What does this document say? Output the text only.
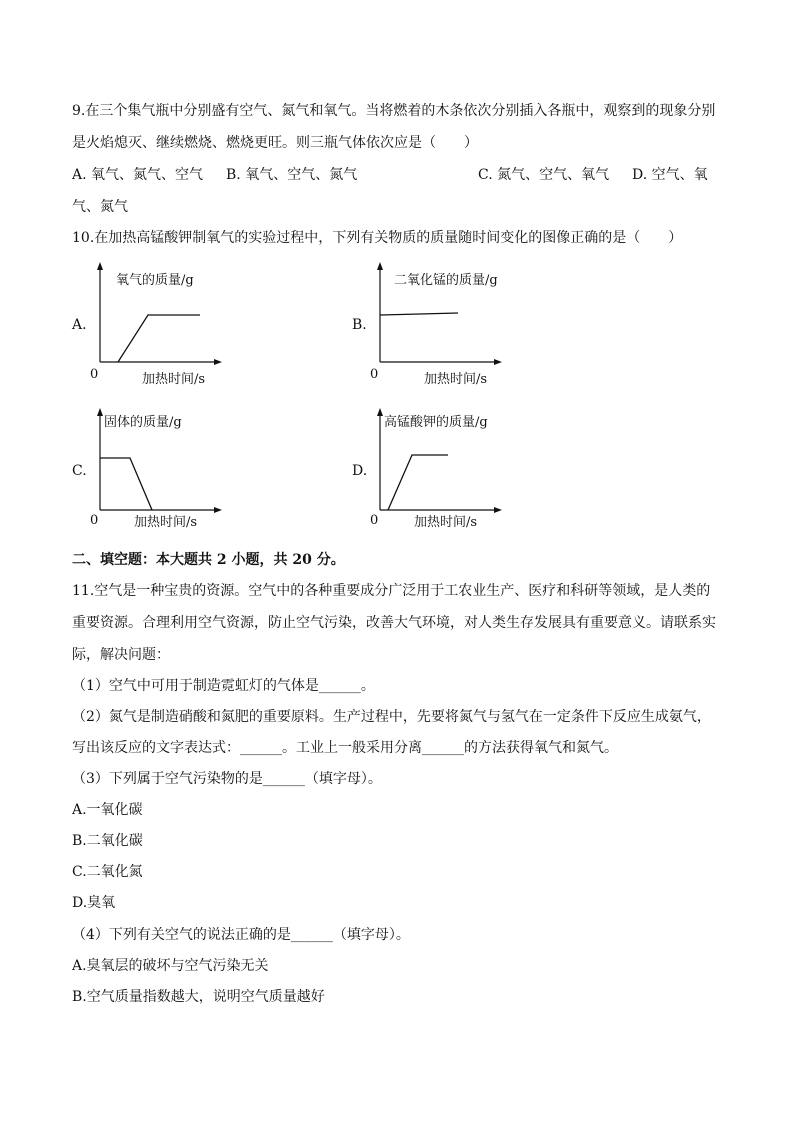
9.在三个集气瓶中分别盛有空气、氮气和氧气。当将燃着的木条依次分别插入各瓶中，观察到的现象分别
是火焰熄灭、继续燃烧、燃烧更旺。则三瓶气体依次应是（　　）
A. 氧气、氮气、空气 B. 氧气、空气、氮气	C. 氮气、空气、氧气 D. 空气、氧
气、氮气
10.在加热高锰酸钾制氧气的实验过程中，下列有关物质的质量随时间变化的图像正确的是（　　）
A.
氧气的质量/g
加热时间/s
0
B.
二氧化锰的质量/g
加热时间/s
0
C.
固体的质量/g
加热时间/s
0
D.
高锰酸钾的质量/g
加热时间/s
0
二、填空题：本大题共 2 小题，共 20 分。
11.空气是一种宝贵的资源。空气中的各种重要成分广泛用于工农业生产、医疗和科研等领域，是人类的
重要资源。合理利用空气资源，防止空气污染，改善大气环境，对人类生存发展具有重要意义。请联系实
际，解决问题：
（1）空气中可用于制造霓虹灯的气体是______。
（2）氮气是制造硝酸和氮肥的重要原料。生产过程中，先要将氮气与氢气在一定条件下反应生成氨气，
写出该反应的文字表达式：______。工业上一般采用分离______的方法获得氧气和氮气。
（3）下列属于空气污染物的是______（填字母）。
A.一氧化碳
B.二氧化碳
C.二氧化氮
D.臭氧
（4）下列有关空气的说法正确的是______（填字母）。
A.臭氧层的破坏与空气污染无关
B.空气质量指数越大，说明空气质量越好
